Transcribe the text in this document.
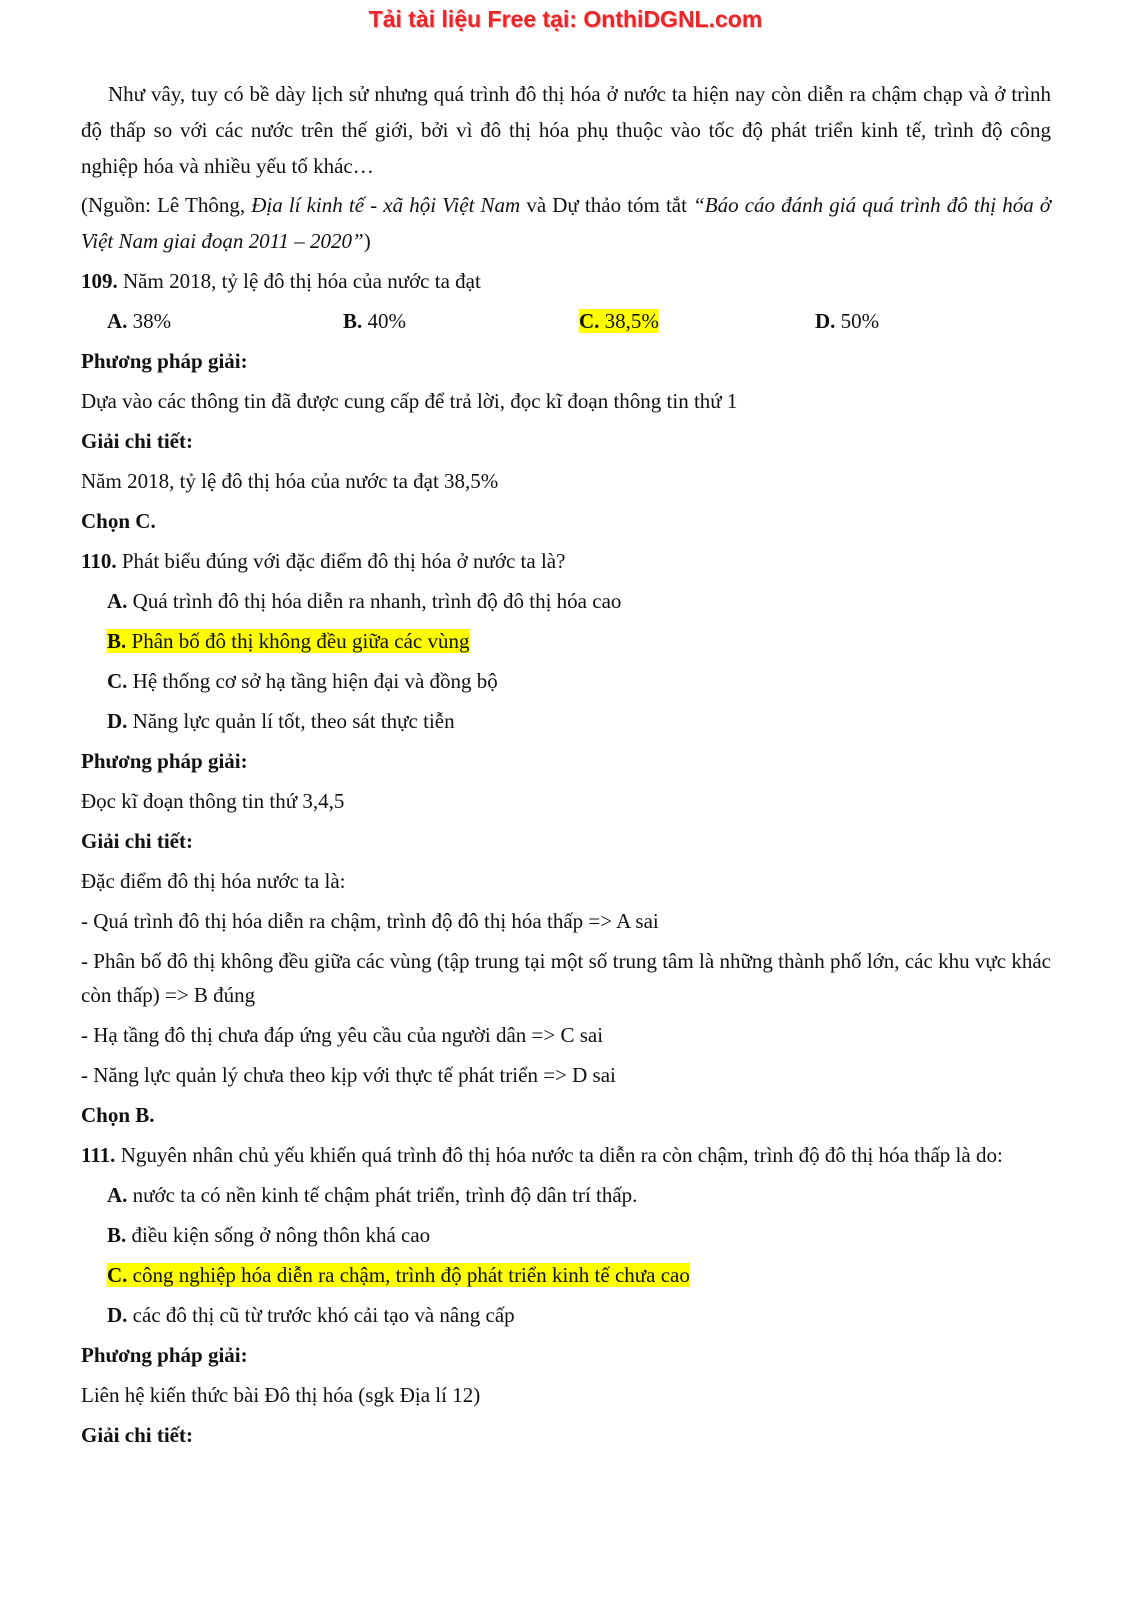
Tải tài liệu Free tại: OnthiDGNL.com

Như vây, tuy có bề dày lịch sử nhưng quá trình đô thị hóa ở nước ta hiện nay còn diễn ra chậm chạp và ở trình độ thấp so với các nước trên thế giới, bởi vì đô thị hóa phụ thuộc vào tốc độ phát triển kinh tế, trình độ công nghiệp hóa và nhiều yếu tố khác…

(Nguồn: Lê Thông, Địa lí kinh tế - xã hội Việt Nam và Dự thảo tóm tắt “Báo cáo đánh giá quá trình đô thị hóa ở Việt Nam giai đoạn 2011 – 2020”)

109. Năm 2018, tỷ lệ đô thị hóa của nước ta đạt

A. 38%	B. 40%	C. 38,5%	D. 50%

Phương pháp giải:

Dựa vào các thông tin đã được cung cấp để trả lời, đọc kĩ đoạn thông tin thứ 1

Giải chi tiết:

Năm 2018, tỷ lệ đô thị hóa của nước ta đạt 38,5%

Chọn C.

110. Phát biểu đúng với đặc điểm đô thị hóa ở nước ta là?

A. Quá trình đô thị hóa diễn ra nhanh, trình độ đô thị hóa cao

B. Phân bố đô thị không đều giữa các vùng

C. Hệ thống cơ sở hạ tầng hiện đại và đồng bộ

D. Năng lực quản lí tốt, theo sát thực tiễn

Phương pháp giải:

Đọc kĩ đoạn thông tin thứ 3,4,5

Giải chi tiết:

Đặc điểm đô thị hóa nước ta là:

- Quá trình đô thị hóa diễn ra chậm, trình độ đô thị hóa thấp => A sai

- Phân bố đô thị không đều giữa các vùng (tập trung tại một số trung tâm là những thành phố lớn, các khu vực khác còn thấp) => B đúng

- Hạ tầng đô thị chưa đáp ứng yêu cầu của người dân => C sai

- Năng lực quản lý chưa theo kịp với thực tế phát triển => D sai

Chọn B.

111. Nguyên nhân chủ yếu khiến quá trình đô thị hóa nước ta diễn ra còn chậm, trình độ đô thị hóa thấp là do:

A. nước ta có nền kinh tế chậm phát triển, trình độ dân trí thấp.

B. điều kiện sống ở nông thôn khá cao

C. công nghiệp hóa diễn ra chậm, trình độ phát triển kinh tế chưa cao

D. các đô thị cũ từ trước khó cải tạo và nâng cấp

Phương pháp giải:

Liên hệ kiến thức bài Đô thị hóa (sgk Địa lí 12)

Giải chi tiết:
